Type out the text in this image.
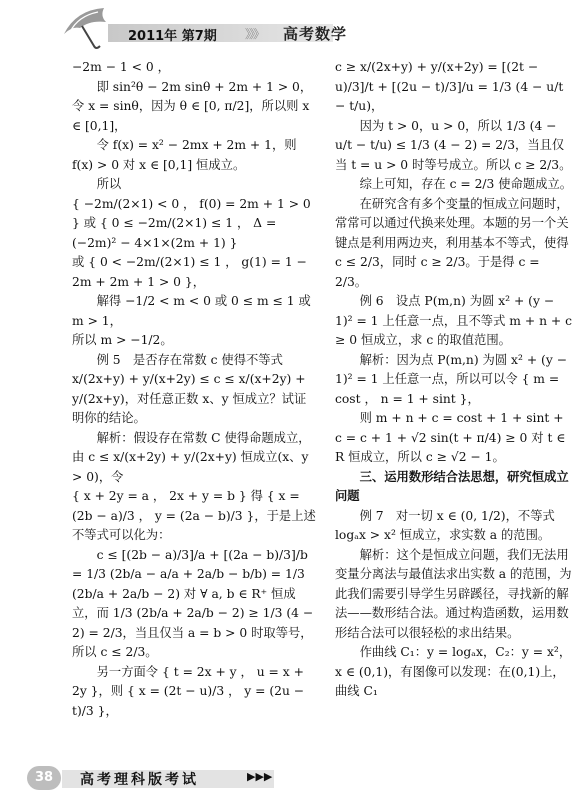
2011年 第7期 》》》 高考数学

−2m − 1 < 0 ，

即 sin²θ − 2m sinθ + 2m + 1 > 0，令 x = sinθ，因为 θ ∈ [0, π/2]，所以则 x ∈ [0,1]，

令 f(x) = x² − 2mx + 2m + 1，则 f(x) > 0 对 x ∈ [0,1] 恒成立。

所以

{ −2m/(2×1) < 0 ， f(0) = 2m + 1 > 0 } 或 { 0 ≤ −2m/(2×1) ≤ 1 ， Δ = (−2m)² − 4×1×(2m + 1) }

或 { 0 < −2m/(2×1) ≤ 1 ， g(1) = 1 − 2m + 2m + 1 > 0 }，

解得 −1/2 < m < 0 或 0 ≤ m ≤ 1 或 m > 1，

所以 m > −1/2。

例 5　是否存在常数 c 使得不等式 x/(2x+y) + y/(x+2y) ≤ c ≤ x/(x+2y) + y/(2x+y)，对任意正数 x、y 恒成立？试证明你的结论。

解析：假设存在常数 C 使得命题成立，由 c ≤ x/(x+2y) + y/(2x+y) 恒成立(x、y > 0)，令

{ x + 2y = a ， 2x + y = b } 得 { x = (2b − a)/3 ， y = (2a − b)/3 }，于是上述不等式可以化为：

c ≤ [(2b − a)/3]/a + [(2a − b)/3]/b = 1/3 (2b/a − a/a + 2a/b − b/b) = 1/3 (2b/a + 2a/b − 2) 对 ∀ a, b ∈ R⁺ 恒成立，而 1/3 (2b/a + 2a/b − 2) ≥ 1/3 (4 − 2) = 2/3，当且仅当 a = b > 0 时取等号，所以 c ≤ 2/3。

另一方面令 { t = 2x + y ， u = x + 2y }，则 { x = (2t − u)/3 ， y = (2u − t)/3 }，

c ≥ x/(2x+y) + y/(x+2y) = [(2t − u)/3]/t + [(2u − t)/3]/u = 1/3 (4 − u/t − t/u)，

因为 t > 0，u > 0，所以 1/3 (4 − u/t − t/u) ≤ 1/3 (4 − 2) = 2/3，当且仅当 t = u > 0 时等号成立。所以 c ≥ 2/3。

综上可知，存在 c = 2/3 使命题成立。

在研究含有多个变量的恒成立问题时，常常可以通过代换来处理。本题的另一个关键点是利用两边夹，利用基本不等式，使得 c ≤ 2/3，同时 c ≥ 2/3。于是得 c = 2/3。

例 6　设点 P(m,n) 为圆 x² + (y − 1)² = 1 上任意一点，且不等式 m + n + c ≥ 0 恒成立，求 c 的取值范围。

解析：因为点 P(m,n) 为圆 x² + (y − 1)² = 1 上任意一点，所以可以令 { m = cost ， n = 1 + sint }，

则 m + n + c = cost + 1 + sint + c = c + 1 + √2 sin(t + π/4) ≥ 0 对 t ∈ R 恒成立，所以 c ≥ √2 − 1。

三、运用数形结合法思想，研究恒成立问题

例 7　对一切 x ∈ (0, 1/2)，不等式 logₐx > x² 恒成立，求实数 a 的范围。

解析：这个是恒成立问题，我们无法用变量分离法与最值法求出实数 a 的范围，为此我们需要引导学生另辟蹊径，寻找新的解法——数形结合法。通过构造函数，运用数形结合法可以很轻松的求出结果。

作曲线 C₁：y = logₐx，C₂：y = x²，x ∈ (0,1)，有图像可以发现：在(0,1)上，曲线 C₁

38	高考理科版考试	▶▶▶
